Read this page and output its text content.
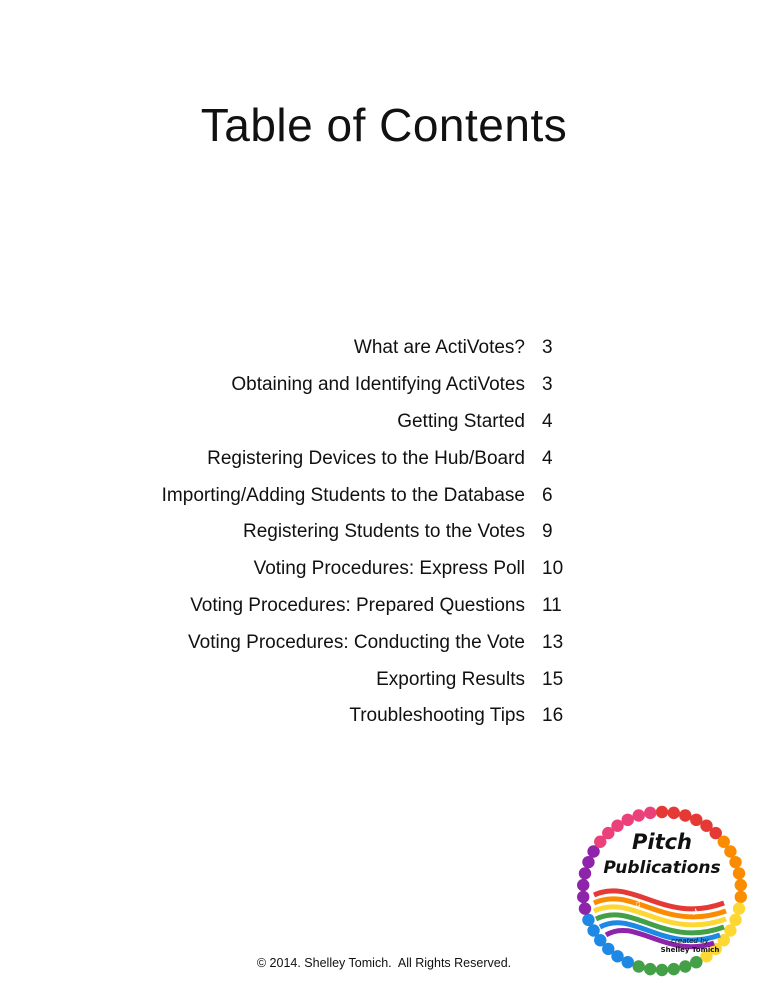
Table of Contents
What are ActiVotes? 3
Obtaining and Identifying ActiVotes 3
Getting Started 4
Registering Devices to the Hub/Board 4
Importing/Adding Students to the Database 6
Registering Students to the Votes 9
Voting Procedures: Express Poll 10
Voting Procedures: Prepared Questions 11
Voting Procedures: Conducting the Vote 13
Exporting Results 15
Troubleshooting Tips 16
♪
♫
Pitch
Publications
created by
Shelley Tomich
© 2014. Shelley Tomich.  All Rights Reserved.
